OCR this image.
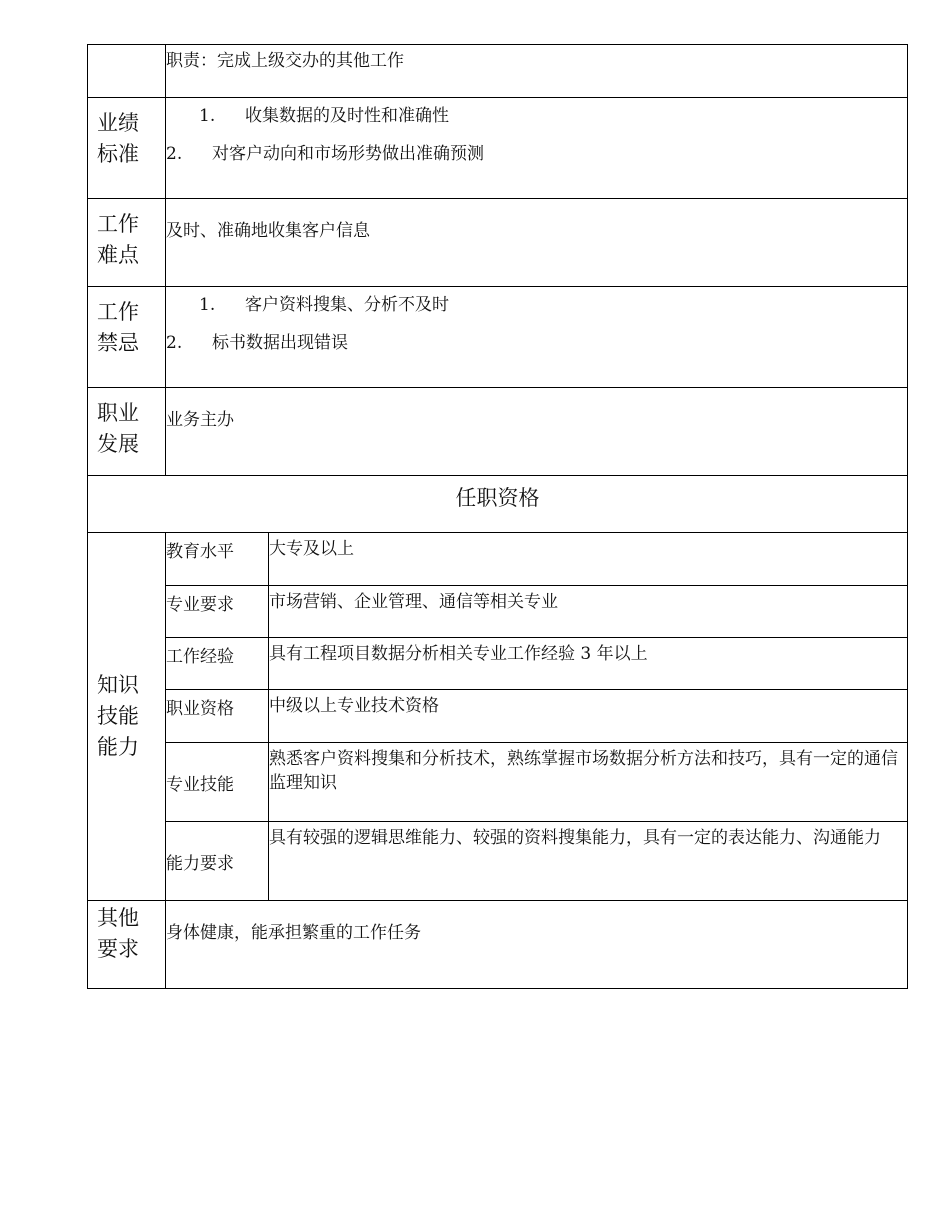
	职责：完成上级交办的其他工作	

业绩标准	1. 收集数据的及时性和准确性
2. 对客户动向和市场形势做出准确预测	

工作难点	及时、准确地收集客户信息	

工作禁忌	1. 客户资料搜集、分析不及时
2. 标书数据出现错误	

职业发展	业务主办	
任职资格		

知识技能能力	教育水平	大专及以上
	专业要求	市场营销、企业管理、通信等相关专业
	工作经验	具有工程项目数据分析相关专业工作经验 3 年以上
	职业资格	中级以上专业技术资格
	专业技能	熟悉客户资料搜集和分析技术，熟练掌握市场数据分析方法和技巧，具有一定的通信监理知识
	能力要求	具有较强的逻辑思维能力、较强的资料搜集能力，具有一定的表达能力、沟通能力

其他要求	身体健康，能承担繁重的工作任务	
